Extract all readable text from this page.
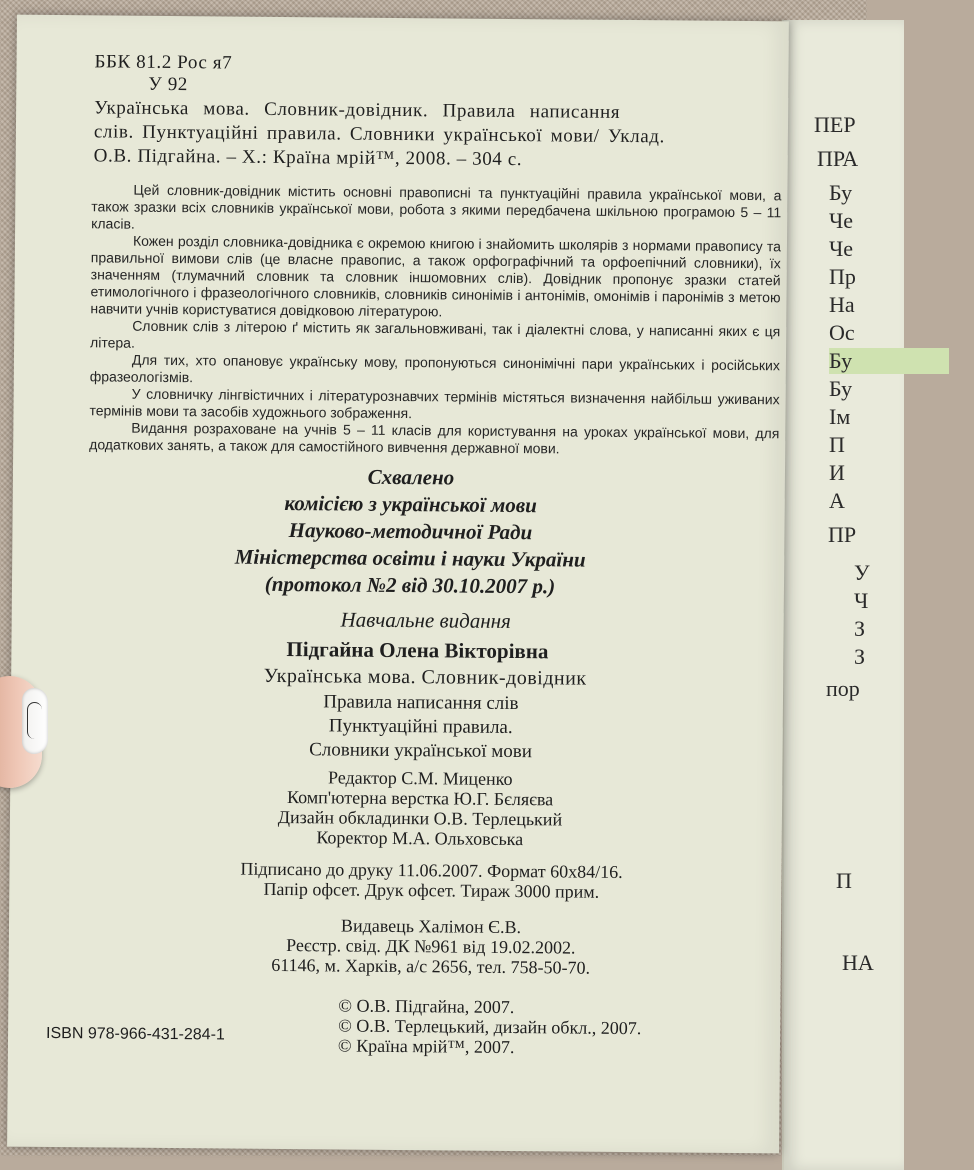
ПЕР
ПРА
Бу
Че
Че
Пр
На
Ос
Бу
Бу
Ім
П
И
А
ПР
У
Ч
З
З
пор
П
НА
ББК 81.2 Рос я7
У 92
Українська мова. Словник-довідник. Правила написання
слів. Пунктуаційні правила. Словники української мови/ Уклад.
О.В. Підгайна. – Х.: Країна мрій™, 2008. – 304 с.

Цей словник-довідник містить основні правописні та пунктуаційні правила української мови, а також зразки всіх словників української мови, робота з якими передбачена шкільною програмою 5 – 11 класів.

Кожен розділ словника-довідника є окремою книгою і знайомить школярів з нормами правопису та правильної вимови слів (це власне правопис, а також орфографічний та орфоепічний словники), їх значенням (тлумачний словник та словник іншомовних слів). Довідник пропонує зразки статей етимологічного і фразеологічного словників, словників синонімів і антонімів, омонімів і паронімів з метою навчити учнів користуватися довідковою літературою.

Словник слів з літерою ґ містить як загальновживані, так і діалектні слова, у написанні яких є ця літера.

Для тих, хто опановує українську мову, пропонуються синонімічні пари українських і російських фразеологізмів.

У словничку лінгвістичних і літературознавчих термінів містяться визначення найбільш уживаних термінів мови та засобів художнього зображення.

Видання розраховане на учнів 5 – 11 класів для користування на уроках української мови, для додаткових занять, а також для самостійного вивчення державної мови.

Схвалено
комісією з української мови
Науково-методичної Ради
Міністерства освіти і науки України
(протокол №2 від 30.10.2007 р.)
Навчальне видання
Підгайна Олена Вікторівна
Українська мова. Словник-довідник
Правила написання слів
Пунктуаційні правила.
Словники української мови
Редактор С.М. Миценко
Комп'ютерна верстка Ю.Г. Бєляєва
Дизайн обкладинки О.В. Терлецький
Коректор М.А. Ольховська
Підписано до друку 11.06.2007. Формат 60х84/16.
Папір офсет. Друк офсет. Тираж 3000 прим.
Видавець Халімон Є.В.
Реєстр. свід. ДК №961 від 19.02.2002.
61146, м. Харків, а/с 2656, тел. 758-50-70.
© О.В. Підгайна, 2007.
© О.В. Терлецький, дизайн обкл., 2007.
© Країна мрій™, 2007.
ISBN 978-966-431-284-1
